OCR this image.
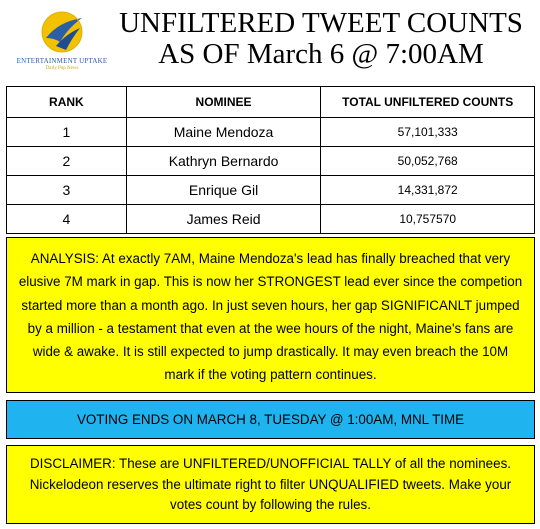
ENTERTAINMENT UPTAKE
Daily Pop News
UNFILTERED TWEET COUNTS
AS OF March 6 @ 7:00AM
RANK	NOMINEE	TOTAL UNFILTERED COUNTS
1	Maine Mendoza	57,101,333
2	Kathryn Bernardo	50,052,768
3	Enrique Gil	14,331,872
4	James Reid	10,757570
ANALYSIS: At exactly 7AM, Maine Mendoza's lead has finally breached that very elusive 7M mark in gap. This is now her STRONGEST lead ever since the competion started more than a month ago. In just seven hours, her gap SIGNIFICANLT jumped by a million - a testament that even at the wee hours of the night, Maine's fans are wide & awake. It is still expected to jump drastically. It may even breach the 10M mark if the voting pattern continues.
VOTING ENDS ON MARCH 8, TUESDAY @ 1:00AM, MNL TIME
DISCLAIMER: These are UNFILTERED/UNOFFICIAL TALLY of all the nominees. Nickelodeon reserves the ultimate right to filter UNQUALIFIED tweets. Make your votes count by following the rules.
